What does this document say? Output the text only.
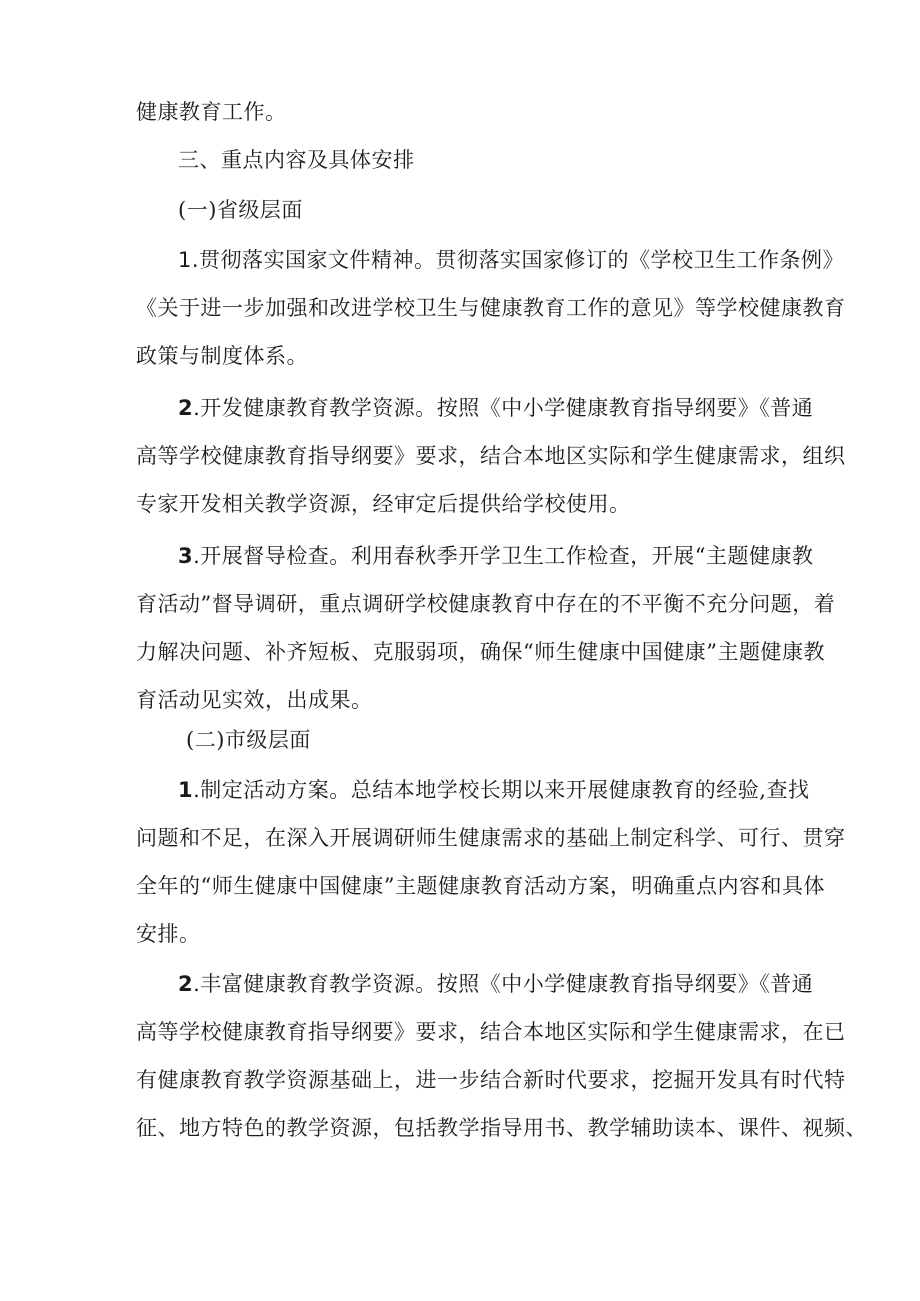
健康教育工作。
三、重点内容及具体安排
(一)省级层面
1.贯彻落实国家文件精神。贯彻落实国家修订的《学校卫生工作条例》
《关于进一步加强和改进学校卫生与健康教育工作的意见》等学校健康教育
政策与制度体系。
2.开发健康教育教学资源。按照《中小学健康教育指导纲要》《普通
高等学校健康教育指导纲要》要求，结合本地区实际和学生健康需求，组织
专家开发相关教学资源，经审定后提供给学校使用。
3.开展督导检查。利用春秋季开学卫生工作检查，开展“主题健康教
育活动”督导调研，重点调研学校健康教育中存在的不平衡不充分问题，着
力解决问题、补齐短板、克服弱项，确保“师生健康中国健康”主题健康教
育活动见实效，出成果。
(二)市级层面
1.制定活动方案。总结本地学校长期以来开展健康教育的经验,查找
问题和不足，在深入开展调研师生健康需求的基础上制定科学、可行、贯穿
全年的“师生健康中国健康”主题健康教育活动方案，明确重点内容和具体
安排。
2.丰富健康教育教学资源。按照《中小学健康教育指导纲要》《普通
高等学校健康教育指导纲要》要求，结合本地区实际和学生健康需求，在已
有健康教育教学资源基础上，进一步结合新时代要求，挖掘开发具有时代特
征、地方特色的教学资源，包括教学指导用书、教学辅助读本、课件、视频、
